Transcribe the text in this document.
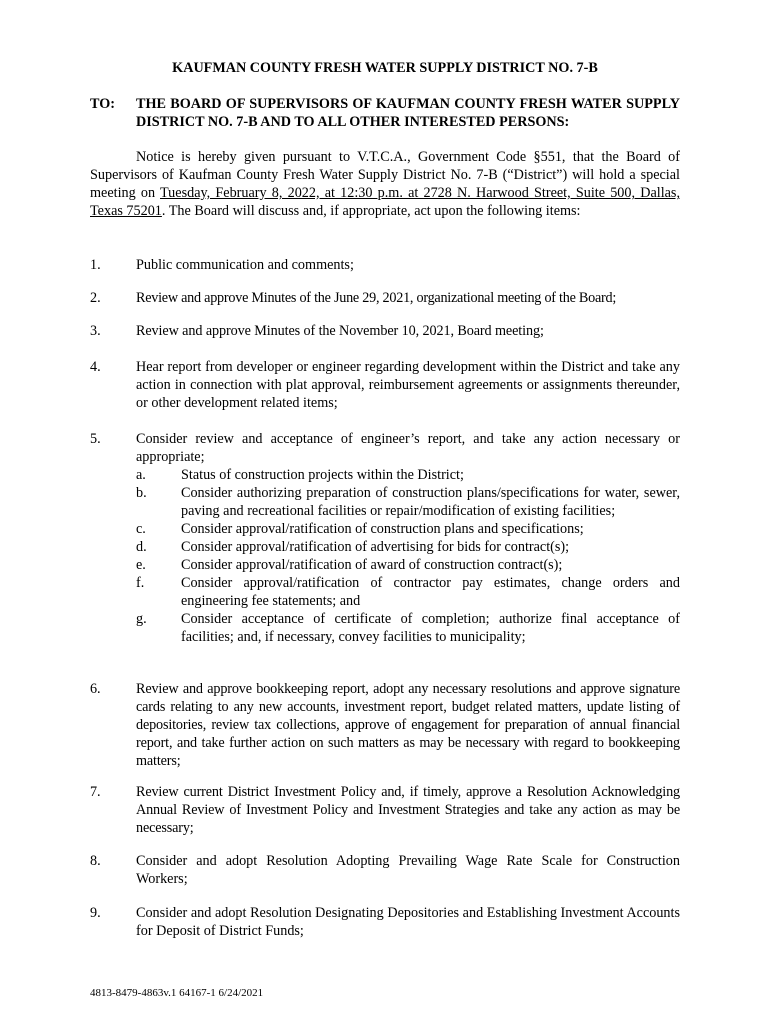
KAUFMAN COUNTY FRESH WATER SUPPLY DISTRICT NO. 7-B
TO: THE BOARD OF SUPERVISORS OF KAUFMAN COUNTY FRESH WATER SUPPLY DISTRICT NO. 7-B AND TO ALL OTHER INTERESTED PERSONS:

Notice is hereby given pursuant to V.T.C.A., Government Code §551, that the Board of Supervisors of Kaufman County Fresh Water Supply District No. 7-B (“District”) will hold a special meeting on Tuesday, February 8, 2022, at 12:30 p.m. at 2728 N. Harwood Street, Suite 500, Dallas, Texas 75201. The Board will discuss and, if appropriate, act upon the following items:

1. Public communication and comments;
2. Review and approve Minutes of the June 29, 2021, organizational meeting of the Board;
3. Review and approve Minutes of the November 10, 2021, Board meeting;
4. Hear report from developer or engineer regarding development within the District and take any action in connection with plat approval, reimbursement agreements or assignments thereunder, or other development related items;
5. Consider review and acceptance of engineer’s report, and take any action necessary or appropriate;
a. Status of construction projects within the District;
b. Consider authorizing preparation of construction plans/specifications for water, sewer, paving and recreational facilities or repair/modification of existing facilities;
c. Consider approval/ratification of construction plans and specifications;
d. Consider approval/ratification of advertising for bids for contract(s);
e. Consider approval/ratification of award of construction contract(s);
f.	Consider approval/ratification of contractor pay estimates, change orders and engineering fee statements; and
g. Consider acceptance of certificate of completion; authorize final acceptance of facilities; and, if necessary, convey facilities to municipality;
6.	Review and approve bookkeeping report, adopt any necessary resolutions and approve signature cards relating to any new accounts, investment report, budget related matters, update listing of depositories, review tax collections, approve of engagement for preparation of annual financial report, and take further action on such matters as may be necessary with regard to bookkeeping matters;
7.	Review current District Investment Policy and, if timely, approve a Resolution Acknowledging Annual Review of Investment Policy and Investment Strategies and take any action as may be necessary;
8. Consider and adopt Resolution Adopting Prevailing Wage Rate Scale for Construction Workers;
9. Consider and adopt Resolution Designating Depositories and Establishing Investment Accounts for Deposit of District Funds;
4813-8479-4863v.1 64167-1 6/24/2021
